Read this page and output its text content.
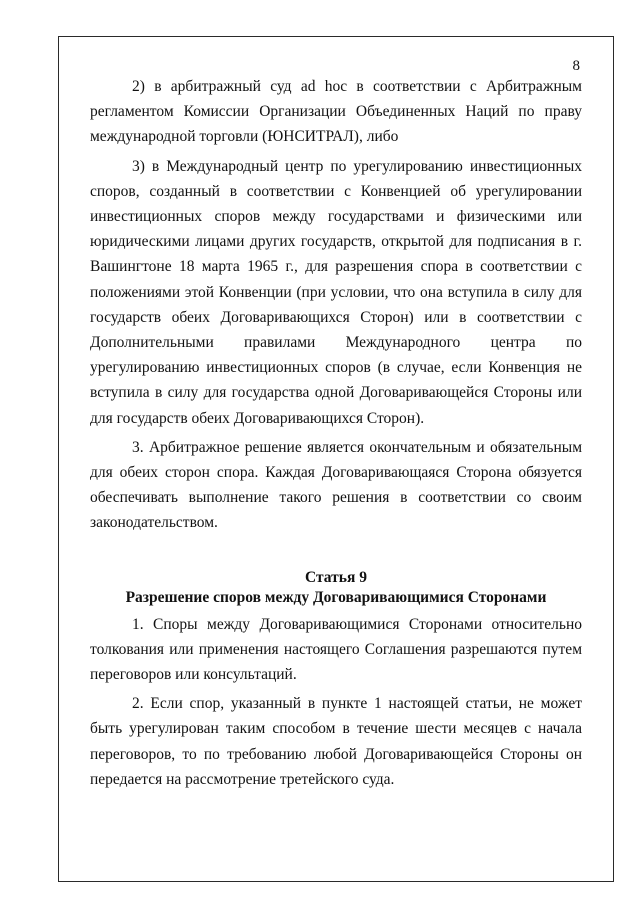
8

2) в арбитражный суд ad hoc в соответствии с Арбитражным регламентом Комиссии Организации Объединенных Наций по праву международной торговли (ЮНСИТРАЛ), либо

3) в Международный центр по урегулированию инвестиционных споров, созданный в соответствии с Конвенцией об урегулировании инвестиционных споров между государствами и физическими или юридическими лицами других государств, открытой для подписания в г. Вашингтоне 18 марта 1965 г., для разрешения спора в соответствии с положениями этой Конвенции (при условии, что она вступила в силу для государств обеих Договаривающихся Сторон) или в соответствии с Дополнительными правилами Международного центра по урегулированию инвестиционных споров (в случае, если Конвенция не вступила в силу для государства одной Договаривающейся Стороны или для государств обеих Договаривающихся Сторон).

3. Арбитражное решение является окончательным и обязательным для обеих сторон спора. Каждая Договаривающаяся Сторона обязуется обеспечивать выполнение такого решения в соответствии со своим законодательством.

Статья 9
Разрешение споров между Договаривающимися Сторонами

1. Споры между Договаривающимися Сторонами относительно толкования или применения настоящего Соглашения разрешаются путем переговоров или консультаций.

2. Если спор, указанный в пункте 1 настоящей статьи, не может быть урегулирован таким способом в течение шести месяцев с начала переговоров, то по требованию любой Договаривающейся Стороны он передается на рассмотрение третейского суда.
